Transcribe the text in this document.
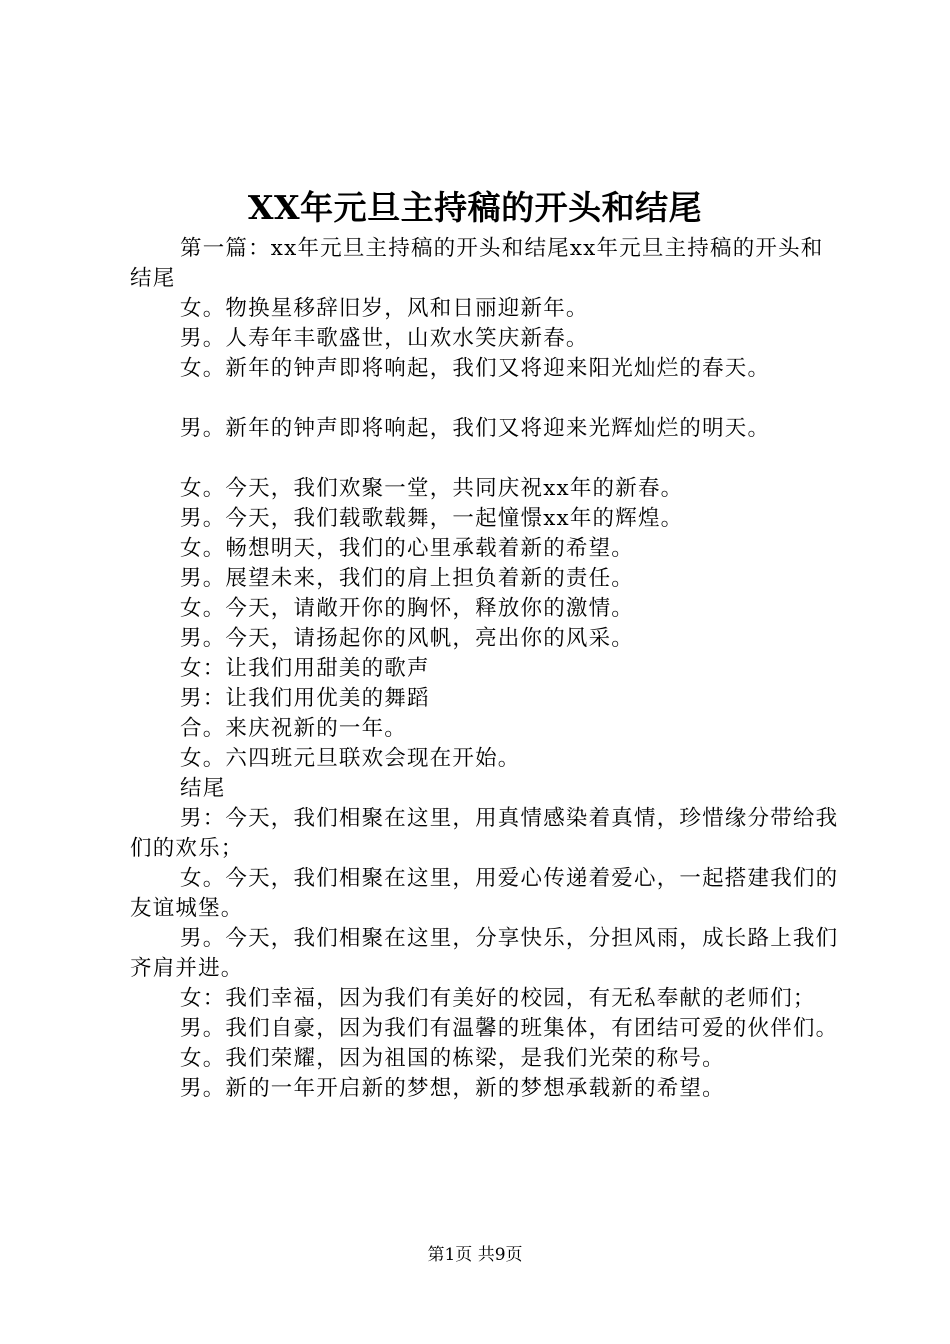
XX年元旦主持稿的开头和结尾

第一篇：xx年元旦主持稿的开头和结尾xx年元旦主持稿的开头和结尾

女。物换星移辞旧岁，风和日丽迎新年。

男。人寿年丰歌盛世，山欢水笑庆新春。

女。新年的钟声即将响起，我们又将迎来阳光灿烂的春天。

男。新年的钟声即将响起，我们又将迎来光辉灿烂的明天。

女。今天，我们欢聚一堂，共同庆祝xx年的新春。

男。今天，我们载歌载舞，一起憧憬xx年的辉煌。

女。畅想明天，我们的心里承载着新的希望。

男。展望未来，我们的肩上担负着新的责任。

女。今天，请敞开你的胸怀，释放你的激情。

男。今天，请扬起你的风帆，亮出你的风采。

女：让我们用甜美的歌声

男：让我们用优美的舞蹈

合。来庆祝新的一年。

女。六四班元旦联欢会现在开始。

结尾

男：今天，我们相聚在这里，用真情感染着真情，珍惜缘分带给我们的欢乐；

女。今天，我们相聚在这里，用爱心传递着爱心，一起搭建我们的友谊城堡。

男。今天，我们相聚在这里，分享快乐，分担风雨，成长路上我们齐肩并进。

女：我们幸福，因为我们有美好的校园，有无私奉献的老师们；

男。我们自豪，因为我们有温馨的班集体，有团结可爱的伙伴们。

女。我们荣耀，因为祖国的栋梁，是我们光荣的称号。

男。新的一年开启新的梦想，新的梦想承载新的希望。

第1页 共9页
